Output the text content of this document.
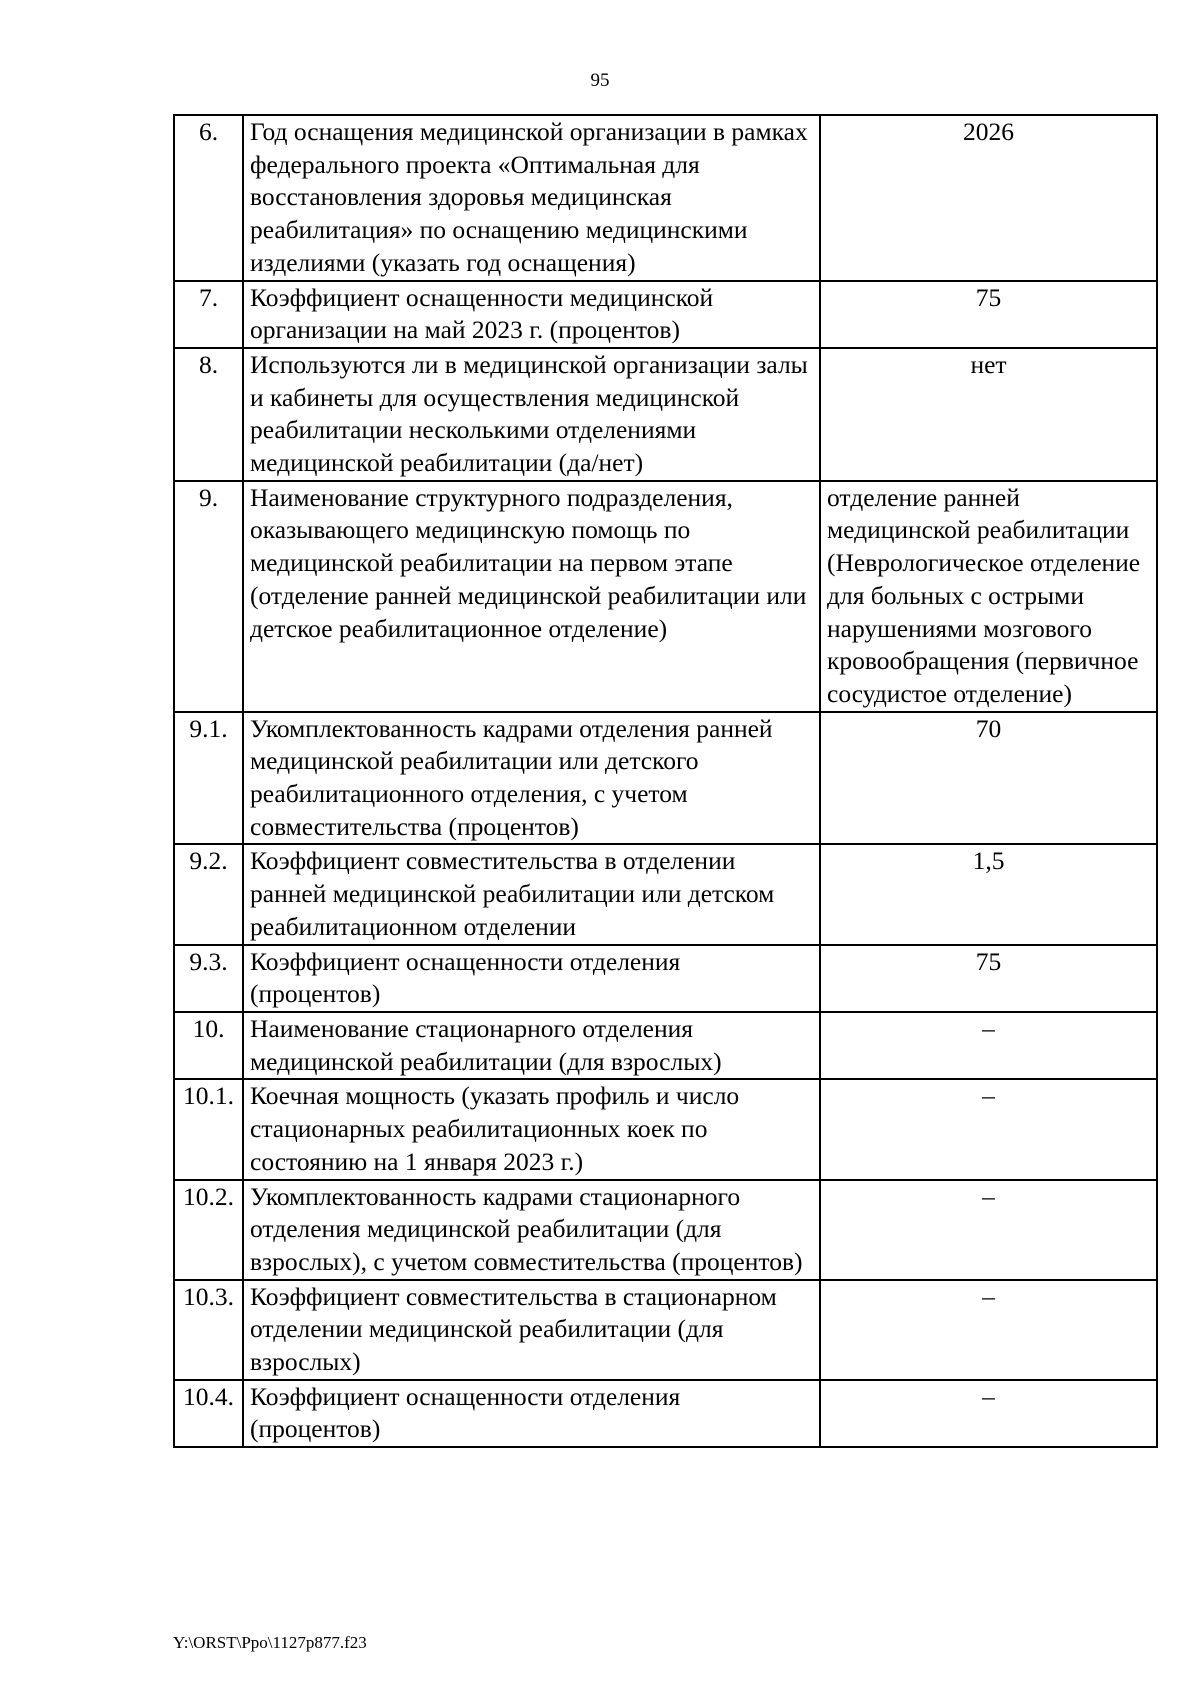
95
6.	Год оснащения медицинской организации в рамках федерального проекта «Оптимальная для восстановления здоровья медицинская реабилитация» по оснащению медицинскими изделиями (указать год оснащения)	2026
7.	Коэффициент оснащенности медицинской организации на май 2023 г. (процентов)	75
8.	Используются ли в медицинской организации залы и кабинеты для осуществления медицинской реабилитации несколькими отделениями медицинской реабилитации (да/нет)	нет
9.	Наименование структурного подразделения, оказывающего медицинскую помощь по медицинской реабилитации на первом этапе (отделение ранней медицинской реабилитации или детское реабилитационное отделение)	отделение ранней медицинской реабилитации (Неврологическое отделение для больных с острыми нарушениями мозгового кровообращения (первичное сосудистое отделение)
9.1.	Укомплектованность кадрами отделения ранней медицинской реабилитации или детского реабилитационного отделения, с учетом совместительства (процентов)	70
9.2.	Коэффициент совместительства в отделении ранней медицинской реабилитации или детском реабилитационном отделении	1,5
9.3.	Коэффициент оснащенности отделения (процентов)	75
10.	Наименование стационарного отделения медицинской реабилитации (для взрослых)	–
10.1.	Коечная мощность (указать профиль и число стационарных реабилитационных коек по состоянию на 1 января 2023 г.)	–
10.2.	Укомплектованность кадрами стационарного отделения медицинской реабилитации (для взрослых), с учетом совместительства (процентов)	–
10.3.	Коэффициент совместительства в стационарном отделении медицинской реабилитации (для взрослых)	–
10.4.	Коэффициент оснащенности отделения (процентов)	–
Y:\ORST\Ppo\1127p877.f23
